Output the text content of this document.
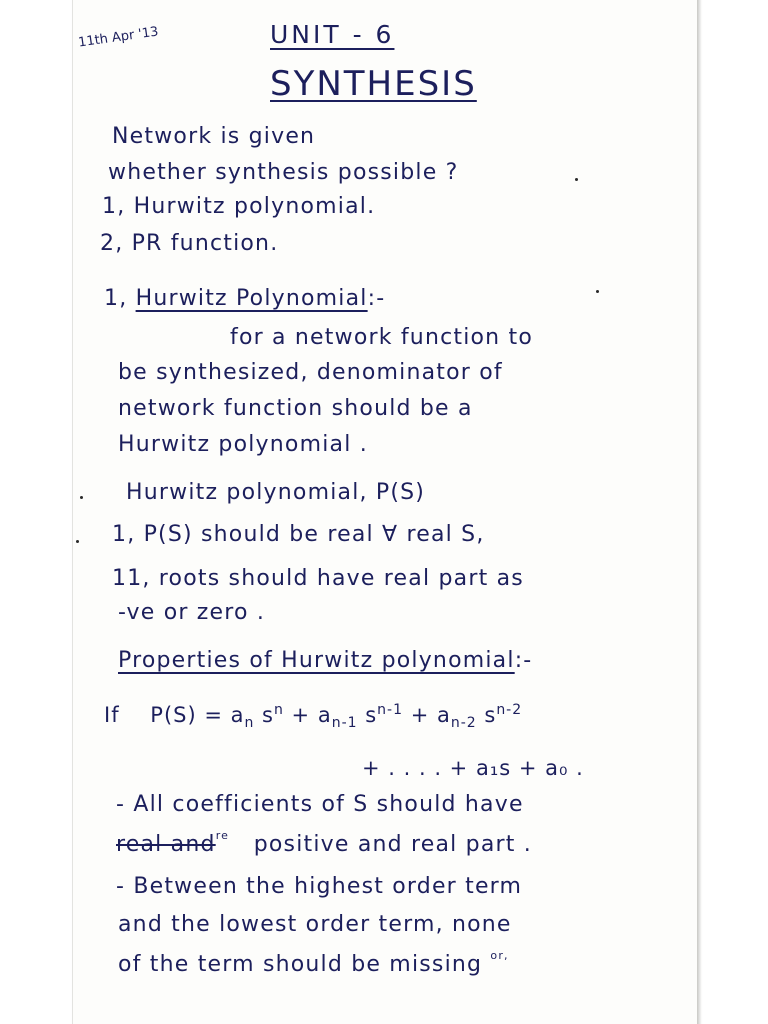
11th Apr '13	UNIT - 6
SYNTHESIS
Network is given
whether synthesis possible ?
1, Hurwitz polynomial.
2, PR function.
1, Hurwitz Polynomial:-
for a network function to
be synthesized, denominator of
network function should be a
Hurwitz polynomial .
Hurwitz polynomial, P(S)
1, P(S) should be real ∀ real S,
11, roots should have real part as
-ve or zero .
Properties of Hurwitz polynomial:-
If $P(S) = a_n$ $s^n + a_{n-1}$ $s^{n-1} + a_{n-2}$ $s^{n-2}$
+ . . . . + a₁s + a₀ .
- All coefficients of S should have
real and$^{re}$ positive and real part .
- Between the highest order term
and the lowest order term, none
of the term should be missing $^{or,}$
